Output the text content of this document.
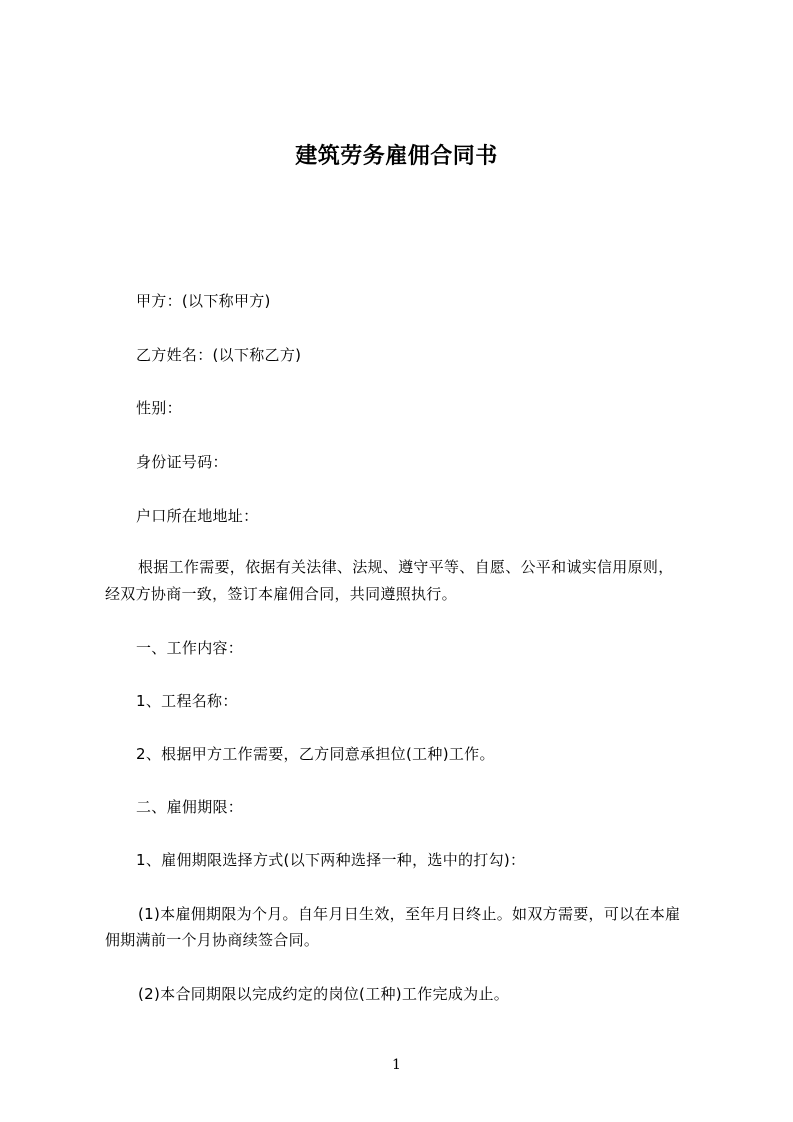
建筑劳务雇佣合同书
甲方：(以下称甲方)
乙方姓名：(以下称乙方)
性别：
身份证号码：
户口所在地地址：
根据工作需要，依据有关法律、法规、遵守平等、自愿、公平和诚实信用原则，
经双方协商一致，签订本雇佣合同，共同遵照执行。
一、工作内容：
1、工程名称：
2、根据甲方工作需要，乙方同意承担位(工种)工作。
二、雇佣期限：
1、雇佣期限选择方式(以下两种选择一种，选中的打勾)：
(1)本雇佣期限为个月。自年月日生效，至年月日终止。如双方需要，可以在本雇
佣期满前一个月协商续签合同。
(2)本合同期限以完成约定的岗位(工种)工作完成为止。
1
